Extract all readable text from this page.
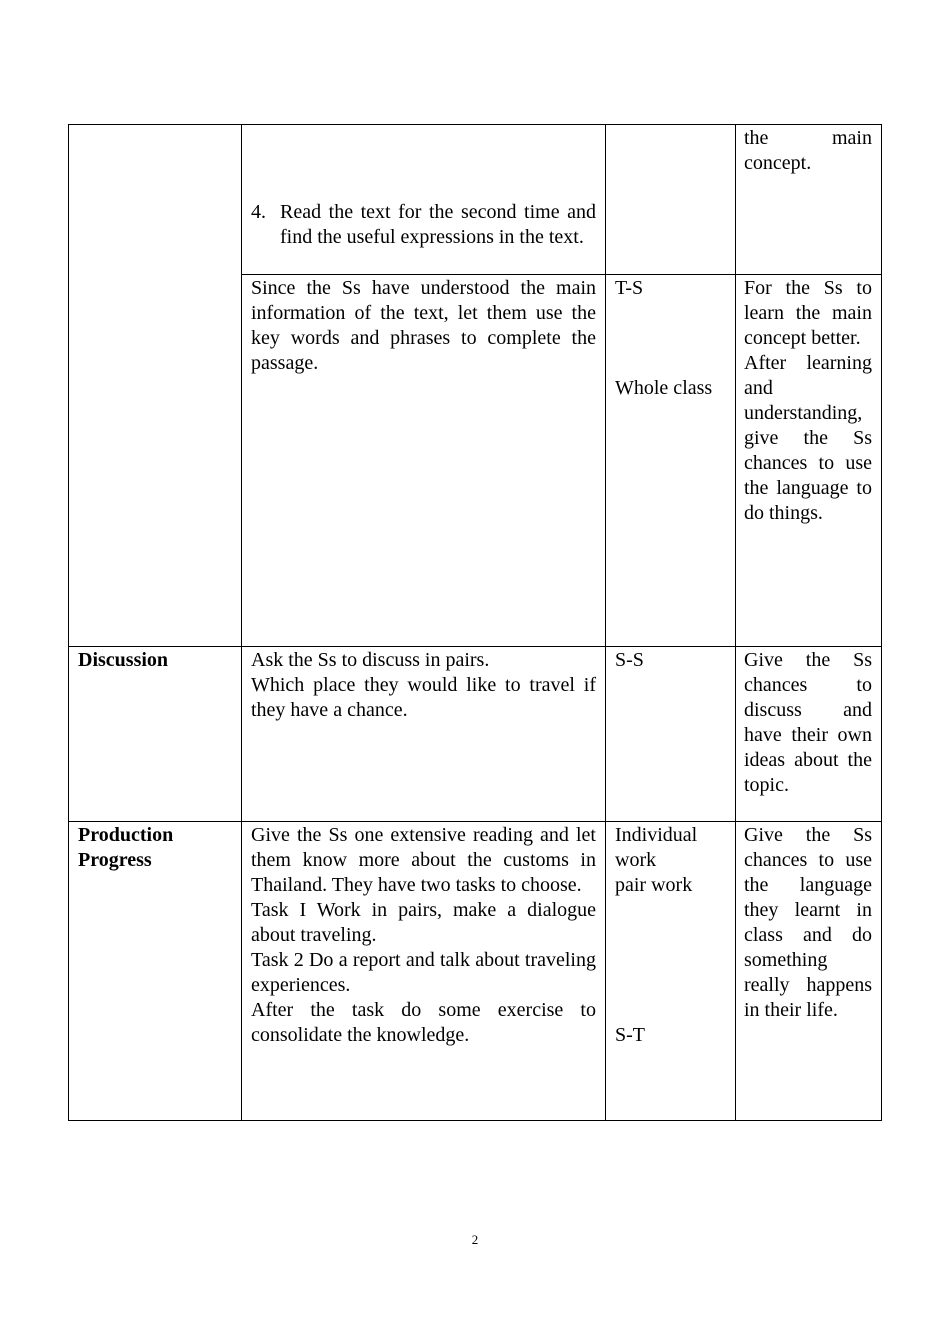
4. Read the text for the second time and find the useful expressions in the text.
the main
concept.
Since the Ss have understood the main information of the text, let them use the key words and phrases to complete the passage.
T-S
Whole class
For the Ss to learn the main concept better.
After learning and understanding, give the Ss chances to use the language to do things.
Discussion	Ask the Ss to discuss in pairs.
Which place they would like to travel if they have a chance.
S-S	Give the Ss chances to discuss and have their own ideas about the topic.
Production
Progress
Give the Ss one extensive reading and let them know more about the customs in Thailand. They have two tasks to choose.
Task I Work in pairs, make a dialogue about traveling.
Task 2 Do a report and talk about traveling experiences.
After the task do some exercise to consolidate the knowledge.
Individual work
pair work
S-T
Give the Ss chances to use the language they learnt in class and do something really happens in their life.
2
